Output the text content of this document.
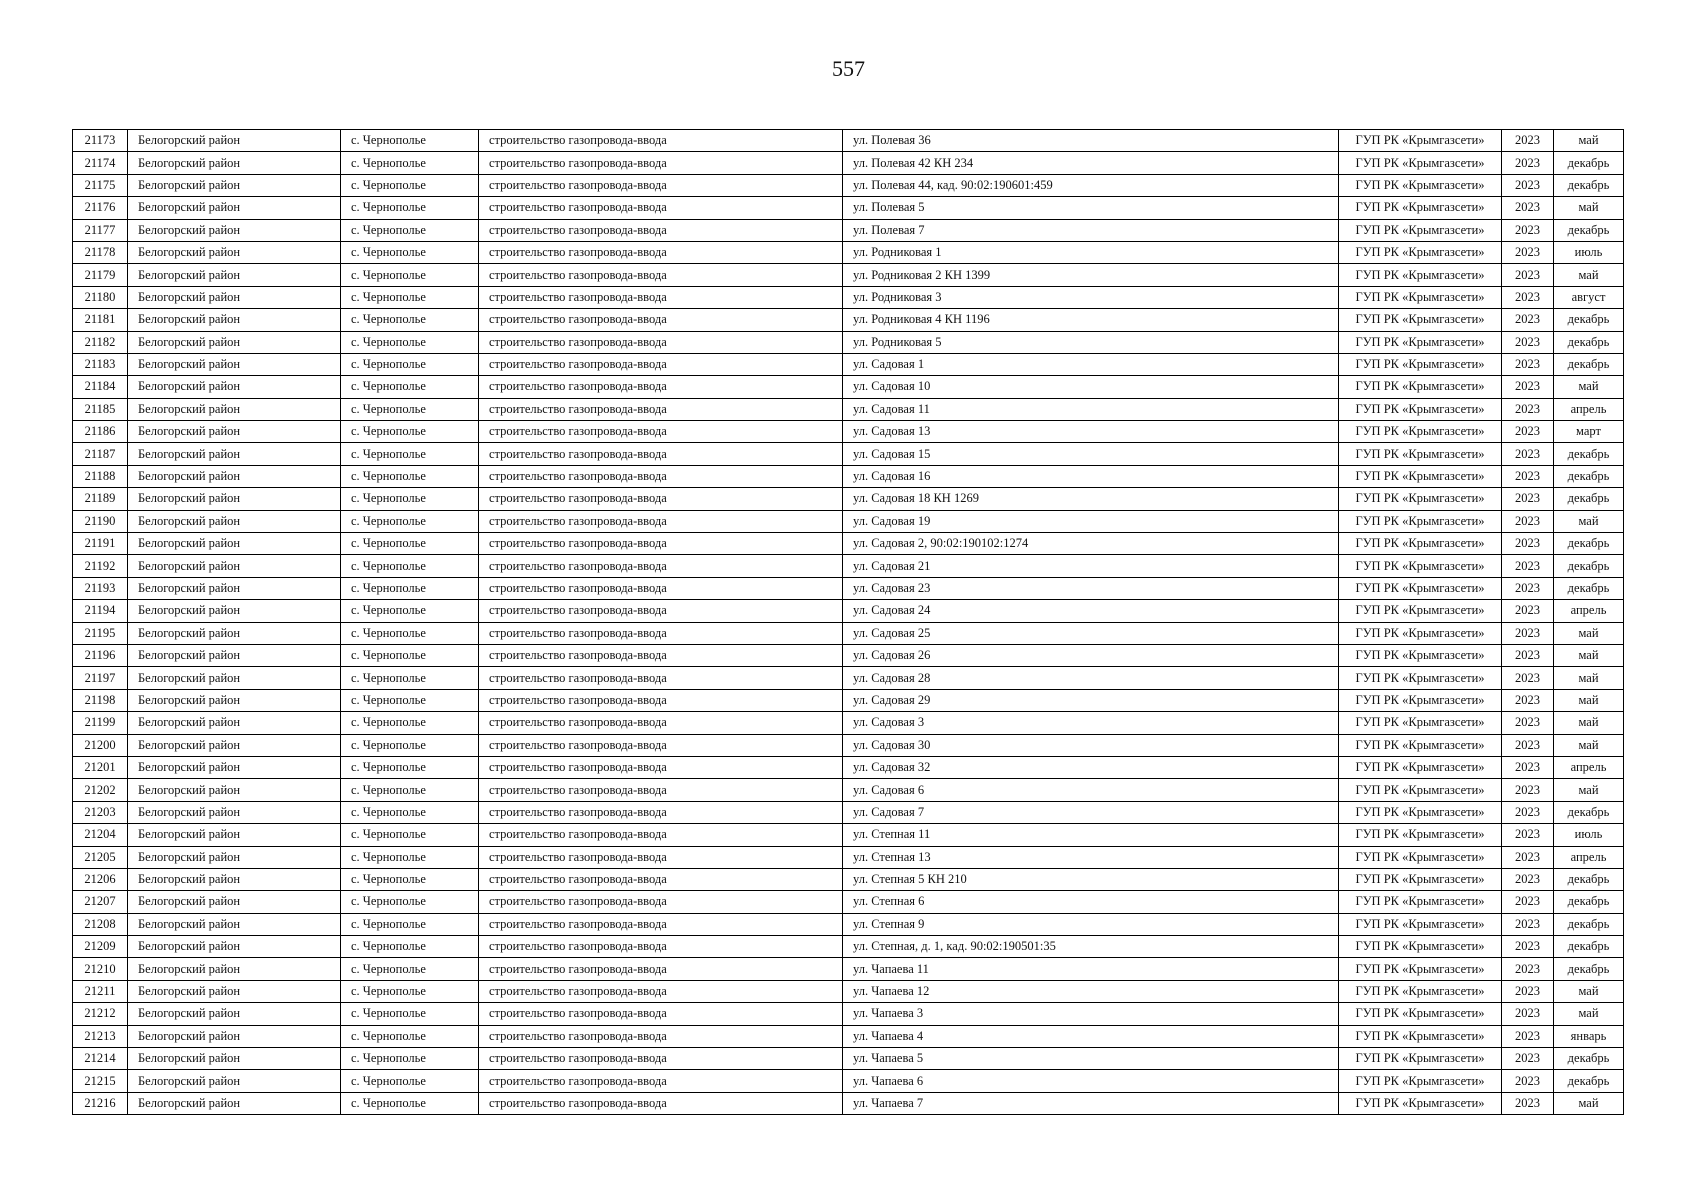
557
21173	Белогорский район	с. Чернополье	строительство газопровода-ввода	ул. Полевая 36	ГУП РК «Крымгазсети»	2023	май
21174	Белогорский район	с. Чернополье	строительство газопровода-ввода	ул. Полевая 42 КН 234	ГУП РК «Крымгазсети»	2023	декабрь
21175	Белогорский район	с. Чернополье	строительство газопровода-ввода	ул. Полевая 44, кад. 90:02:190601:459	ГУП РК «Крымгазсети»	2023	декабрь
21176	Белогорский район	с. Чернополье	строительство газопровода-ввода	ул. Полевая 5	ГУП РК «Крымгазсети»	2023	май
21177	Белогорский район	с. Чернополье	строительство газопровода-ввода	ул. Полевая 7	ГУП РК «Крымгазсети»	2023	декабрь
21178	Белогорский район	с. Чернополье	строительство газопровода-ввода	ул. Родниковая 1	ГУП РК «Крымгазсети»	2023	июль
21179	Белогорский район	с. Чернополье	строительство газопровода-ввода	ул. Родниковая 2 КН 1399	ГУП РК «Крымгазсети»	2023	май
21180	Белогорский район	с. Чернополье	строительство газопровода-ввода	ул. Родниковая 3	ГУП РК «Крымгазсети»	2023	август
21181	Белогорский район	с. Чернополье	строительство газопровода-ввода	ул. Родниковая 4 КН 1196	ГУП РК «Крымгазсети»	2023	декабрь
21182	Белогорский район	с. Чернополье	строительство газопровода-ввода	ул. Родниковая 5	ГУП РК «Крымгазсети»	2023	декабрь
21183	Белогорский район	с. Чернополье	строительство газопровода-ввода	ул. Садовая 1	ГУП РК «Крымгазсети»	2023	декабрь
21184	Белогорский район	с. Чернополье	строительство газопровода-ввода	ул. Садовая 10	ГУП РК «Крымгазсети»	2023	май
21185	Белогорский район	с. Чернополье	строительство газопровода-ввода	ул. Садовая 11	ГУП РК «Крымгазсети»	2023	апрель
21186	Белогорский район	с. Чернополье	строительство газопровода-ввода	ул. Садовая 13	ГУП РК «Крымгазсети»	2023	март
21187	Белогорский район	с. Чернополье	строительство газопровода-ввода	ул. Садовая 15	ГУП РК «Крымгазсети»	2023	декабрь
21188	Белогорский район	с. Чернополье	строительство газопровода-ввода	ул. Садовая 16	ГУП РК «Крымгазсети»	2023	декабрь
21189	Белогорский район	с. Чернополье	строительство газопровода-ввода	ул. Садовая 18 КН 1269	ГУП РК «Крымгазсети»	2023	декабрь
21190	Белогорский район	с. Чернополье	строительство газопровода-ввода	ул. Садовая 19	ГУП РК «Крымгазсети»	2023	май
21191	Белогорский район	с. Чернополье	строительство газопровода-ввода	ул. Садовая 2, 90:02:190102:1274	ГУП РК «Крымгазсети»	2023	декабрь
21192	Белогорский район	с. Чернополье	строительство газопровода-ввода	ул. Садовая 21	ГУП РК «Крымгазсети»	2023	декабрь
21193	Белогорский район	с. Чернополье	строительство газопровода-ввода	ул. Садовая 23	ГУП РК «Крымгазсети»	2023	декабрь
21194	Белогорский район	с. Чернополье	строительство газопровода-ввода	ул. Садовая 24	ГУП РК «Крымгазсети»	2023	апрель
21195	Белогорский район	с. Чернополье	строительство газопровода-ввода	ул. Садовая 25	ГУП РК «Крымгазсети»	2023	май
21196	Белогорский район	с. Чернополье	строительство газопровода-ввода	ул. Садовая 26	ГУП РК «Крымгазсети»	2023	май
21197	Белогорский район	с. Чернополье	строительство газопровода-ввода	ул. Садовая 28	ГУП РК «Крымгазсети»	2023	май
21198	Белогорский район	с. Чернополье	строительство газопровода-ввода	ул. Садовая 29	ГУП РК «Крымгазсети»	2023	май
21199	Белогорский район	с. Чернополье	строительство газопровода-ввода	ул. Садовая 3	ГУП РК «Крымгазсети»	2023	май
21200	Белогорский район	с. Чернополье	строительство газопровода-ввода	ул. Садовая 30	ГУП РК «Крымгазсети»	2023	май
21201	Белогорский район	с. Чернополье	строительство газопровода-ввода	ул. Садовая 32	ГУП РК «Крымгазсети»	2023	апрель
21202	Белогорский район	с. Чернополье	строительство газопровода-ввода	ул. Садовая 6	ГУП РК «Крымгазсети»	2023	май
21203	Белогорский район	с. Чернополье	строительство газопровода-ввода	ул. Садовая 7	ГУП РК «Крымгазсети»	2023	декабрь
21204	Белогорский район	с. Чернополье	строительство газопровода-ввода	ул. Степная 11	ГУП РК «Крымгазсети»	2023	июль
21205	Белогорский район	с. Чернополье	строительство газопровода-ввода	ул. Степная 13	ГУП РК «Крымгазсети»	2023	апрель
21206	Белогорский район	с. Чернополье	строительство газопровода-ввода	ул. Степная 5 КН 210	ГУП РК «Крымгазсети»	2023	декабрь
21207	Белогорский район	с. Чернополье	строительство газопровода-ввода	ул. Степная 6	ГУП РК «Крымгазсети»	2023	декабрь
21208	Белогорский район	с. Чернополье	строительство газопровода-ввода	ул. Степная 9	ГУП РК «Крымгазсети»	2023	декабрь
21209	Белогорский район	с. Чернополье	строительство газопровода-ввода	ул. Степная, д. 1, кад. 90:02:190501:35	ГУП РК «Крымгазсети»	2023	декабрь
21210	Белогорский район	с. Чернополье	строительство газопровода-ввода	ул. Чапаева 11	ГУП РК «Крымгазсети»	2023	декабрь
21211	Белогорский район	с. Чернополье	строительство газопровода-ввода	ул. Чапаева 12	ГУП РК «Крымгазсети»	2023	май
21212	Белогорский район	с. Чернополье	строительство газопровода-ввода	ул. Чапаева 3	ГУП РК «Крымгазсети»	2023	май
21213	Белогорский район	с. Чернополье	строительство газопровода-ввода	ул. Чапаева 4	ГУП РК «Крымгазсети»	2023	январь
21214	Белогорский район	с. Чернополье	строительство газопровода-ввода	ул. Чапаева 5	ГУП РК «Крымгазсети»	2023	декабрь
21215	Белогорский район	с. Чернополье	строительство газопровода-ввода	ул. Чапаева 6	ГУП РК «Крымгазсети»	2023	декабрь
21216	Белогорский район	с. Чернополье	строительство газопровода-ввода	ул. Чапаева 7	ГУП РК «Крымгазсети»	2023	май
